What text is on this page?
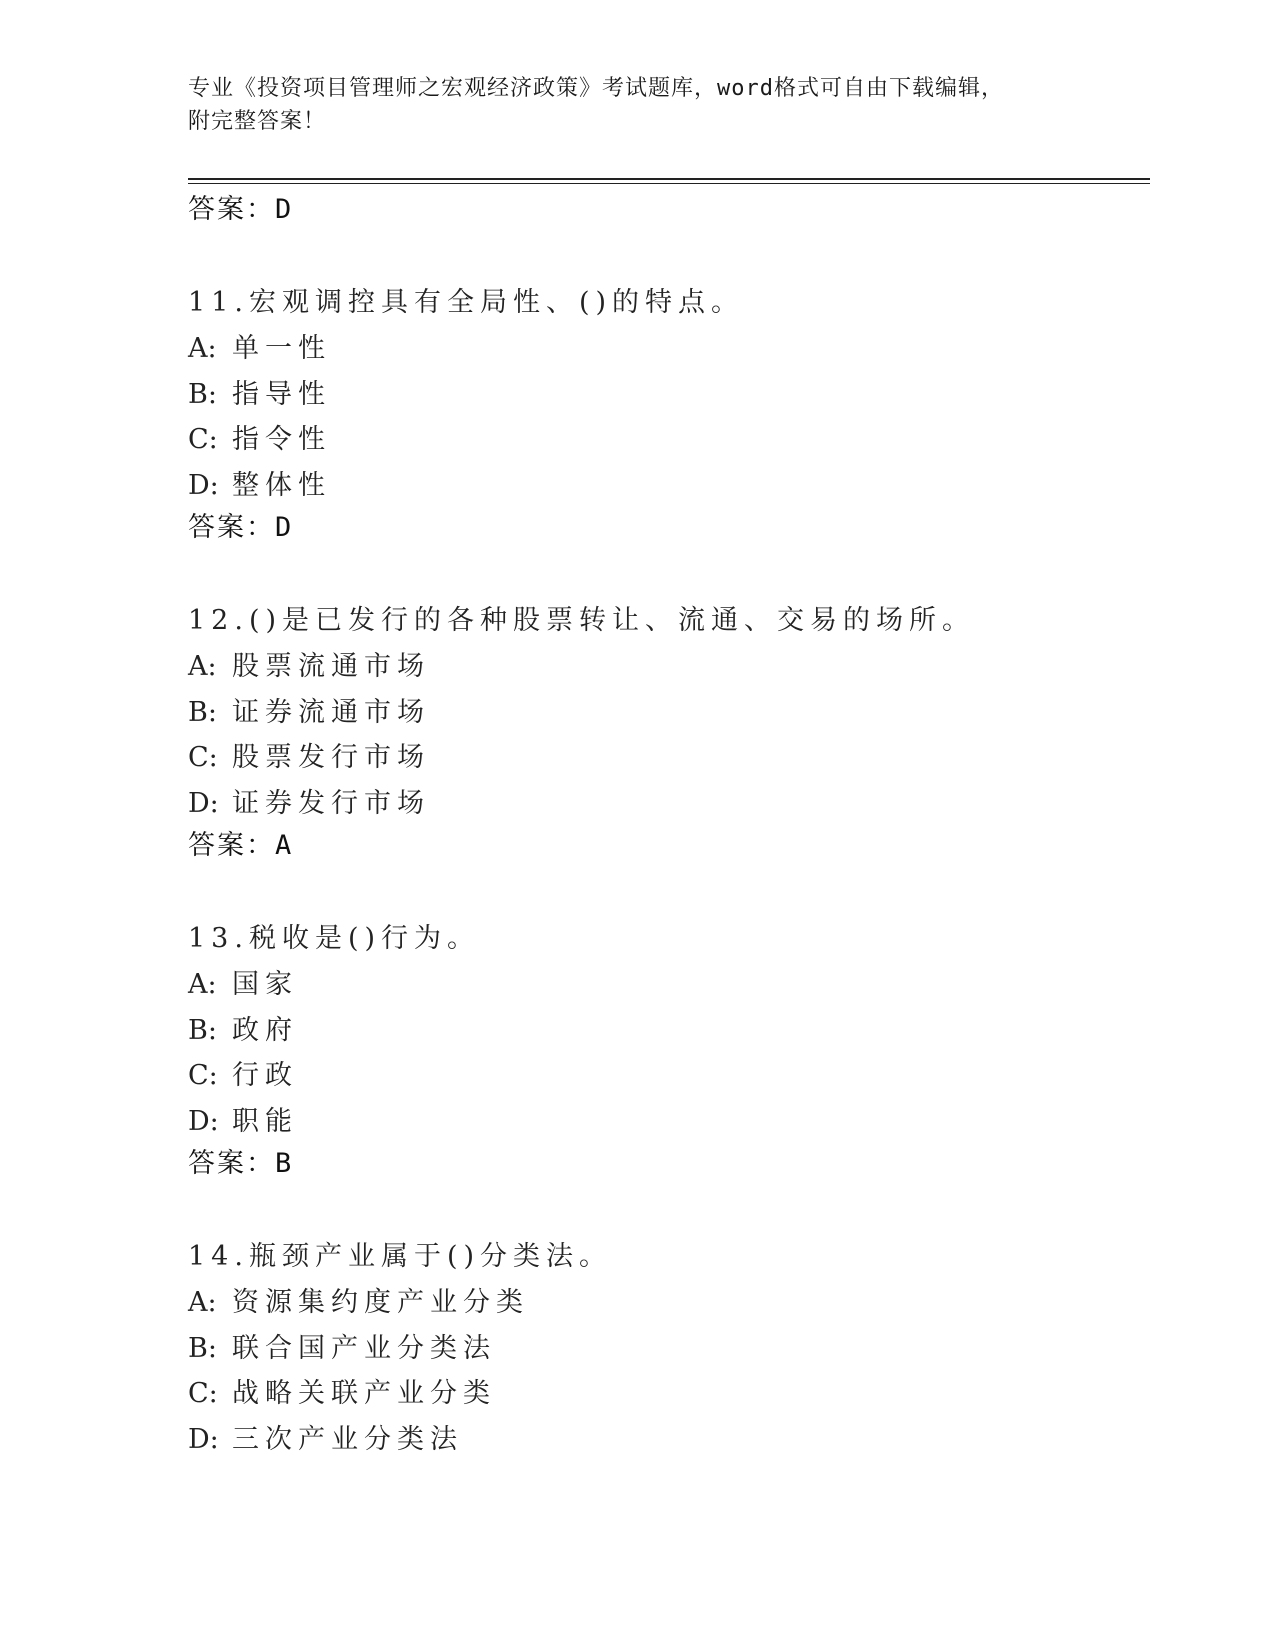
专业《投资项目管理师之宏观经济政策》考试题库，word格式可自由下载编辑，
附完整答案！
答案：D
11.宏观调控具有全局性、()的特点。
A: 单一性
B: 指导性
C: 指令性
D: 整体性
答案：D
12.()是已发行的各种股票转让、流通、交易的场所。
A: 股票流通市场
B: 证券流通市场
C: 股票发行市场
D: 证券发行市场
答案：A
13.税收是()行为。
A: 国家
B: 政府
C: 行政
D: 职能
答案：B
14.瓶颈产业属于()分类法。
A: 资源集约度产业分类
B: 联合国产业分类法
C: 战略关联产业分类
D: 三次产业分类法
